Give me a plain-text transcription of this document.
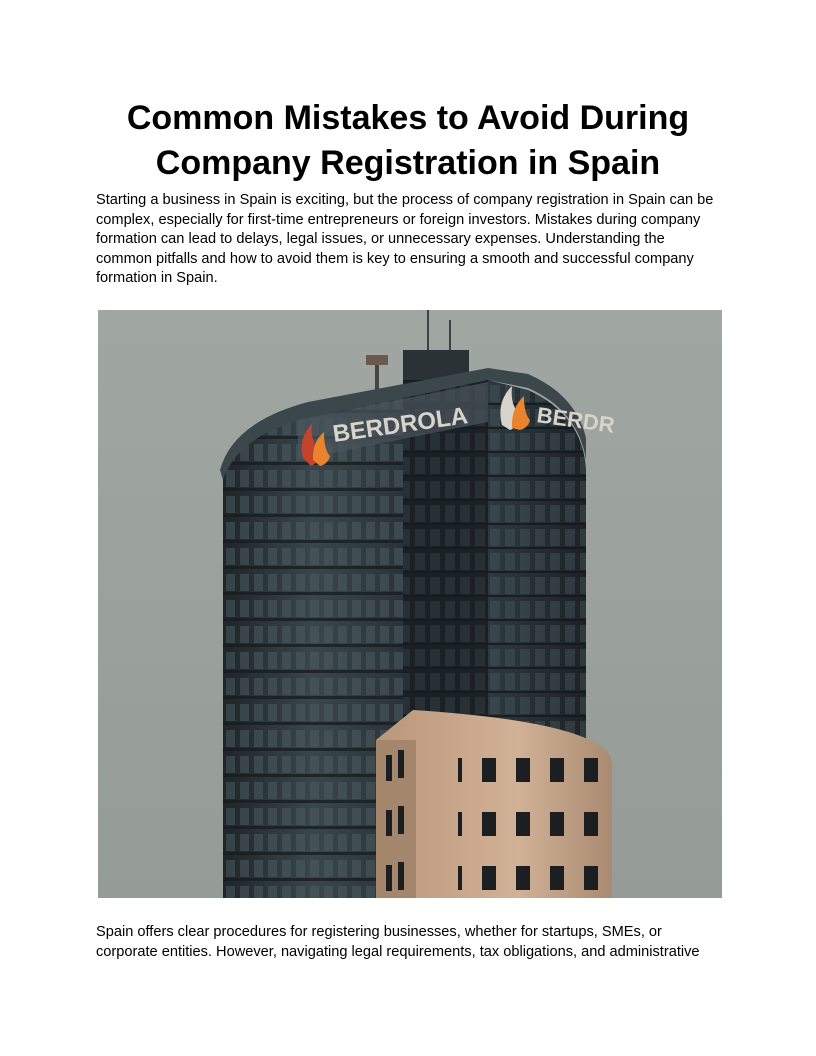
Common Mistakes to Avoid During Company Registration in Spain

Starting a business in Spain is exciting, but the process of company registration in Spain can be complex, especially for first-time entrepreneurs or foreign investors. Mistakes during company formation can lead to delays, legal issues, or unnecessary expenses. Understanding the common pitfalls and how to avoid them is key to ensuring a smooth and successful company formation in Spain.

BERDROLA	BERDR

Spain offers clear procedures for registering businesses, whether for startups, SMEs, or corporate entities. However, navigating legal requirements, tax obligations, and administrative
